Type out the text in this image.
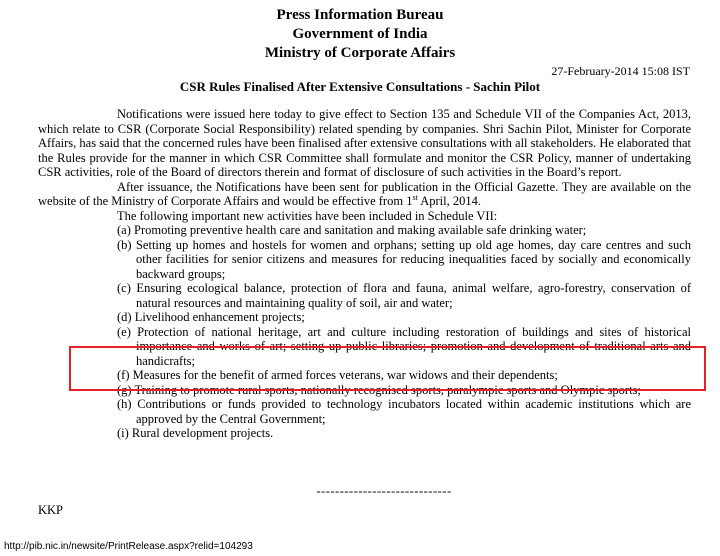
Press Information Bureau
Government of India
Ministry of Corporate Affairs
27-February-2014 15:08 IST
CSR Rules Finalised After Extensive Consultations - Sachin Pilot

Notifications were issued here today to give effect to Section 135 and Schedule VII of the Companies Act, 2013, which relate to CSR (Corporate Social Responsibility) related spending by companies. Shri Sachin Pilot, Minister for Corporate Affairs, has said that the concerned rules have been finalised after extensive consultations with all stakeholders. He elaborated that the Rules provide for the manner in which CSR Committee shall formulate and monitor the CSR Policy, manner of undertaking CSR activities, role of the Board of directors therein and format of disclosure of such activities in the Board’s report.

After issuance, the Notifications have been sent for publication in the Official Gazette. They are available on the website of the Ministry of Corporate Affairs and would be effective from 1st April, 2014.

The following important new activities have been included in Schedule VII:

(a) Promoting preventive health care and sanitation and making available safe drinking water;

(b) Setting up homes and hostels for women and orphans; setting up old age homes, day care centres and such other facilities for senior citizens and measures for reducing inequalities faced by socially and economically backward groups;

(c) Ensuring ecological balance, protection of flora and fauna, animal welfare, agro-forestry, conservation of natural resources and maintaining quality of soil, air and water;

(d) Livelihood enhancement projects;

(e) Protection of national heritage, art and culture including restoration of buildings and sites of historical importance and works of art; setting up public libraries; promotion and development of traditional arts and handicrafts;

(f) Measures for the benefit of armed forces veterans, war widows and their dependents;

(g) Training to promote rural sports, nationally recognised sports, paralympic sports and Olympic sports;

(h) Contributions or funds provided to technology incubators located within academic institutions which are approved by the Central Government;

(i) Rural development projects.

-----------------------------
KKP
http://pib.nic.in/newsite/PrintRelease.aspx?relid=104293
